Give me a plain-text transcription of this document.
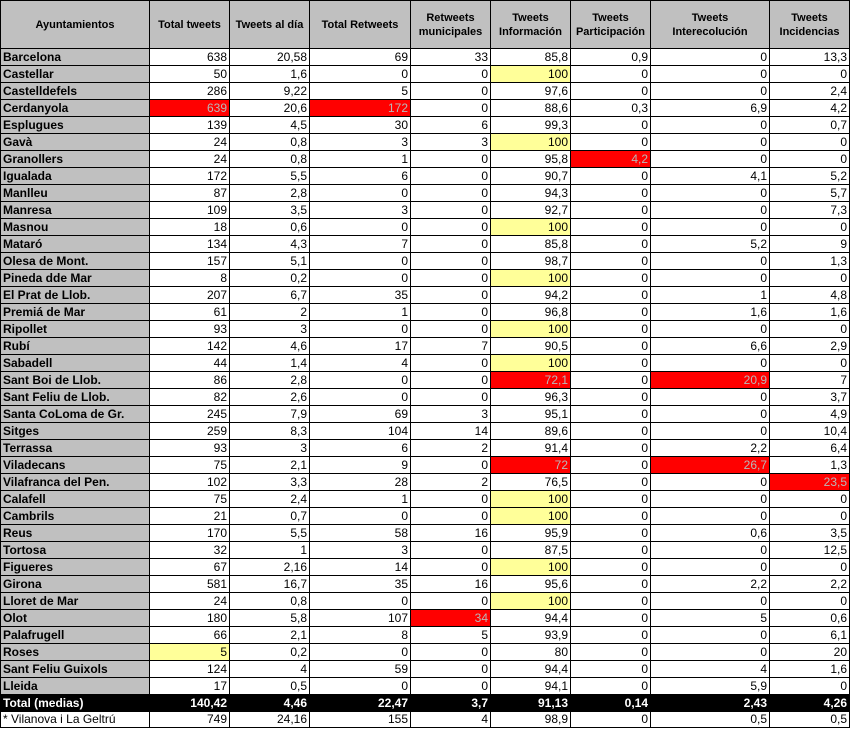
Ayuntamientos	Total tweets	Tweets al día	Total Retweets	Retweets municipales	Tweets Información	Tweets Participación	Tweets Interecolución	Tweets Incidencias
Barcelona	638	20,58	69	33	85,8	0,9	0	13,3
Castellar	50	1,6	0	0	100	0	0	0
Castelldefels	286	9,22	5	0	97,6	0	0	2,4
Cerdanyola	639	20,6	172	0	88,6	0,3	6,9	4,2
Esplugues	139	4,5	30	6	99,3	0	0	0,7
Gavà	24	0,8	3	3	100	0	0	0
Granollers	24	0,8	1	0	95,8	4,2	0	0
Igualada	172	5,5	6	0	90,7	0	4,1	5,2
Manlleu	87	2,8	0	0	94,3	0	0	5,7
Manresa	109	3,5	3	0	92,7	0	0	7,3
Masnou	18	0,6	0	0	100	0	0	0
Mataró	134	4,3	7	0	85,8	0	5,2	9
Olesa de Mont.	157	5,1	0	0	98,7	0	0	1,3
Pineda dde Mar	8	0,2	0	0	100	0	0	0
El Prat de Llob.	207	6,7	35	0	94,2	0	1	4,8
Premiá de Mar	61	2	1	0	96,8	0	1,6	1,6
Ripollet	93	3	0	0	100	0	0	0
Rubí	142	4,6	17	7	90,5	0	6,6	2,9
Sabadell	44	1,4	4	0	100	0	0	0
Sant Boi de Llob.	86	2,8	0	0	72,1	0	20,9	7
Sant Feliu de Llob.	82	2,6	0	0	96,3	0	0	3,7
Santa CoLoma de Gr.	245	7,9	69	3	95,1	0	0	4,9
Sitges	259	8,3	104	14	89,6	0	0	10,4
Terrassa	93	3	6	2	91,4	0	2,2	6,4
Viladecans	75	2,1	9	0	72	0	26,7	1,3
Vilafranca del Pen.	102	3,3	28	2	76,5	0	0	23,5
Calafell	75	2,4	1	0	100	0	0	0
Cambrils	21	0,7	0	0	100	0	0	0
Reus	170	5,5	58	16	95,9	0	0,6	3,5
Tortosa	32	1	3	0	87,5	0	0	12,5
Figueres	67	2,16	14	0	100	0	0	0
Girona	581	16,7	35	16	95,6	0	2,2	2,2
Lloret de Mar	24	0,8	0	0	100	0	0	0
Olot	180	5,8	107	34	94,4	0	5	0,6
Palafrugell	66	2,1	8	5	93,9	0	0	6,1
Roses	5	0,2	0	0	80	0	0	20
Sant Feliu Guixols	124	4	59	0	94,4	0	4	1,6
Lleida	17	0,5	0	0	94,1	0	5,9	0
Total (medias)	140,42	4,46	22,47	3,7	91,13	0,14	2,43	4,26
* Vilanova i La Geltrú	749	24,16	155	4	98,9	0	0,5	0,5
